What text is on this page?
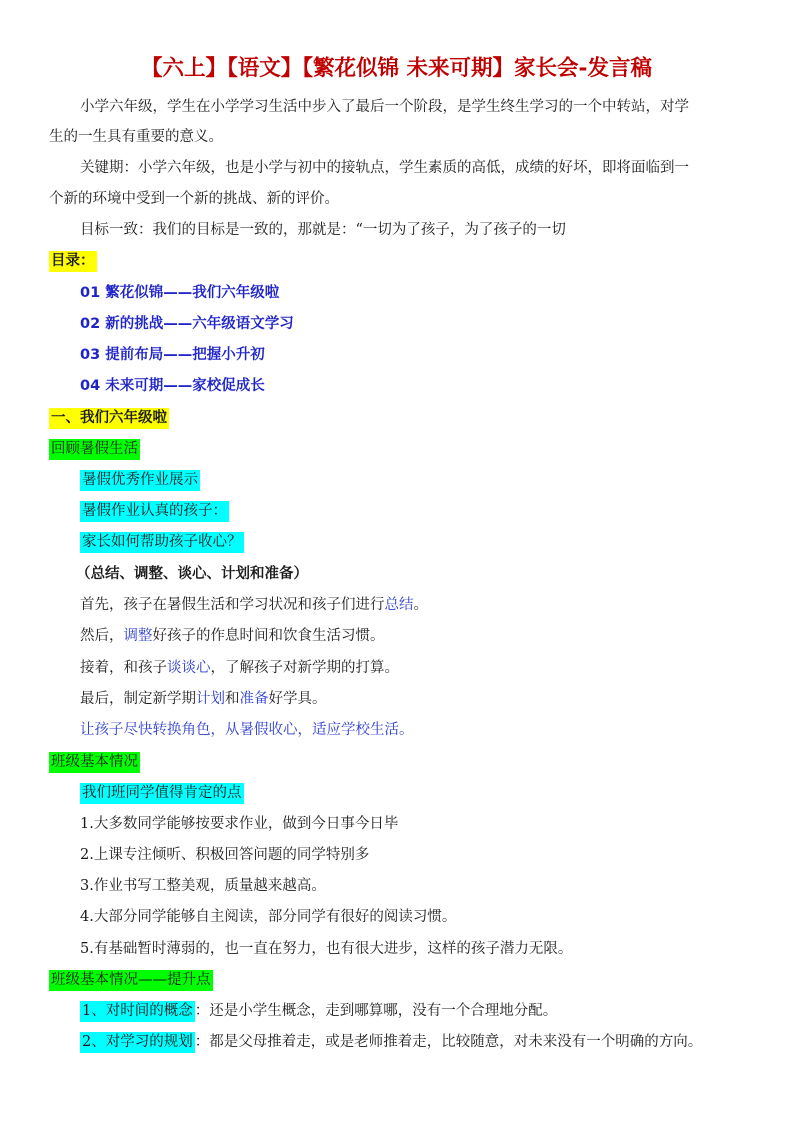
【六上】【语文】【繁花似锦 未来可期】家长会-发言稿
小学六年级，学生在小学学习生活中步入了最后一个阶段，是学生终生学习的一个中转站，对学
生的一生具有重要的意义。
关键期：小学六年级，也是小学与初中的接轨点，学生素质的高低，成绩的好坏，即将面临到一
个新的环境中受到一个新的挑战、新的评价。
目标一致：我们的目标是一致的，那就是：“一切为了孩子，为了孩子的一切
目录：
01 繁花似锦——我们六年级啦
02 新的挑战——六年级语文学习
03 提前布局——把握小升初
04 未来可期——家校促成长
一、我们六年级啦
回顾暑假生活
暑假优秀作业展示
暑假作业认真的孩子：
家长如何帮助孩子收心？
（总结、调整、谈心、计划和准备）
首先，孩子在暑假生活和学习状况和孩子们进行总结。
然后，调整好孩子的作息时间和饮食生活习惯。
接着，和孩子谈谈心，了解孩子对新学期的打算。
最后，制定新学期计划和准备好学具。
让孩子尽快转换角色，从暑假收心，适应学校生活。
班级基本情况
我们班同学值得肯定的点
1.大多数同学能够按要求作业，做到今日事今日毕
2.上课专注倾听、积极回答问题的同学特别多
3.作业书写工整美观，质量越来越高。
4.大部分同学能够自主阅读，部分同学有很好的阅读习惯。
5.有基础暂时薄弱的，也一直在努力，也有很大进步，这样的孩子潜力无限。
班级基本情况——提升点
1、对时间的概念 ：还是小学生概念，走到哪算哪，没有一个合理地分配。
2、对学习的规划 ：都是父母推着走，或是老师推着走，比较随意，对未来没有一个明确的方向。
